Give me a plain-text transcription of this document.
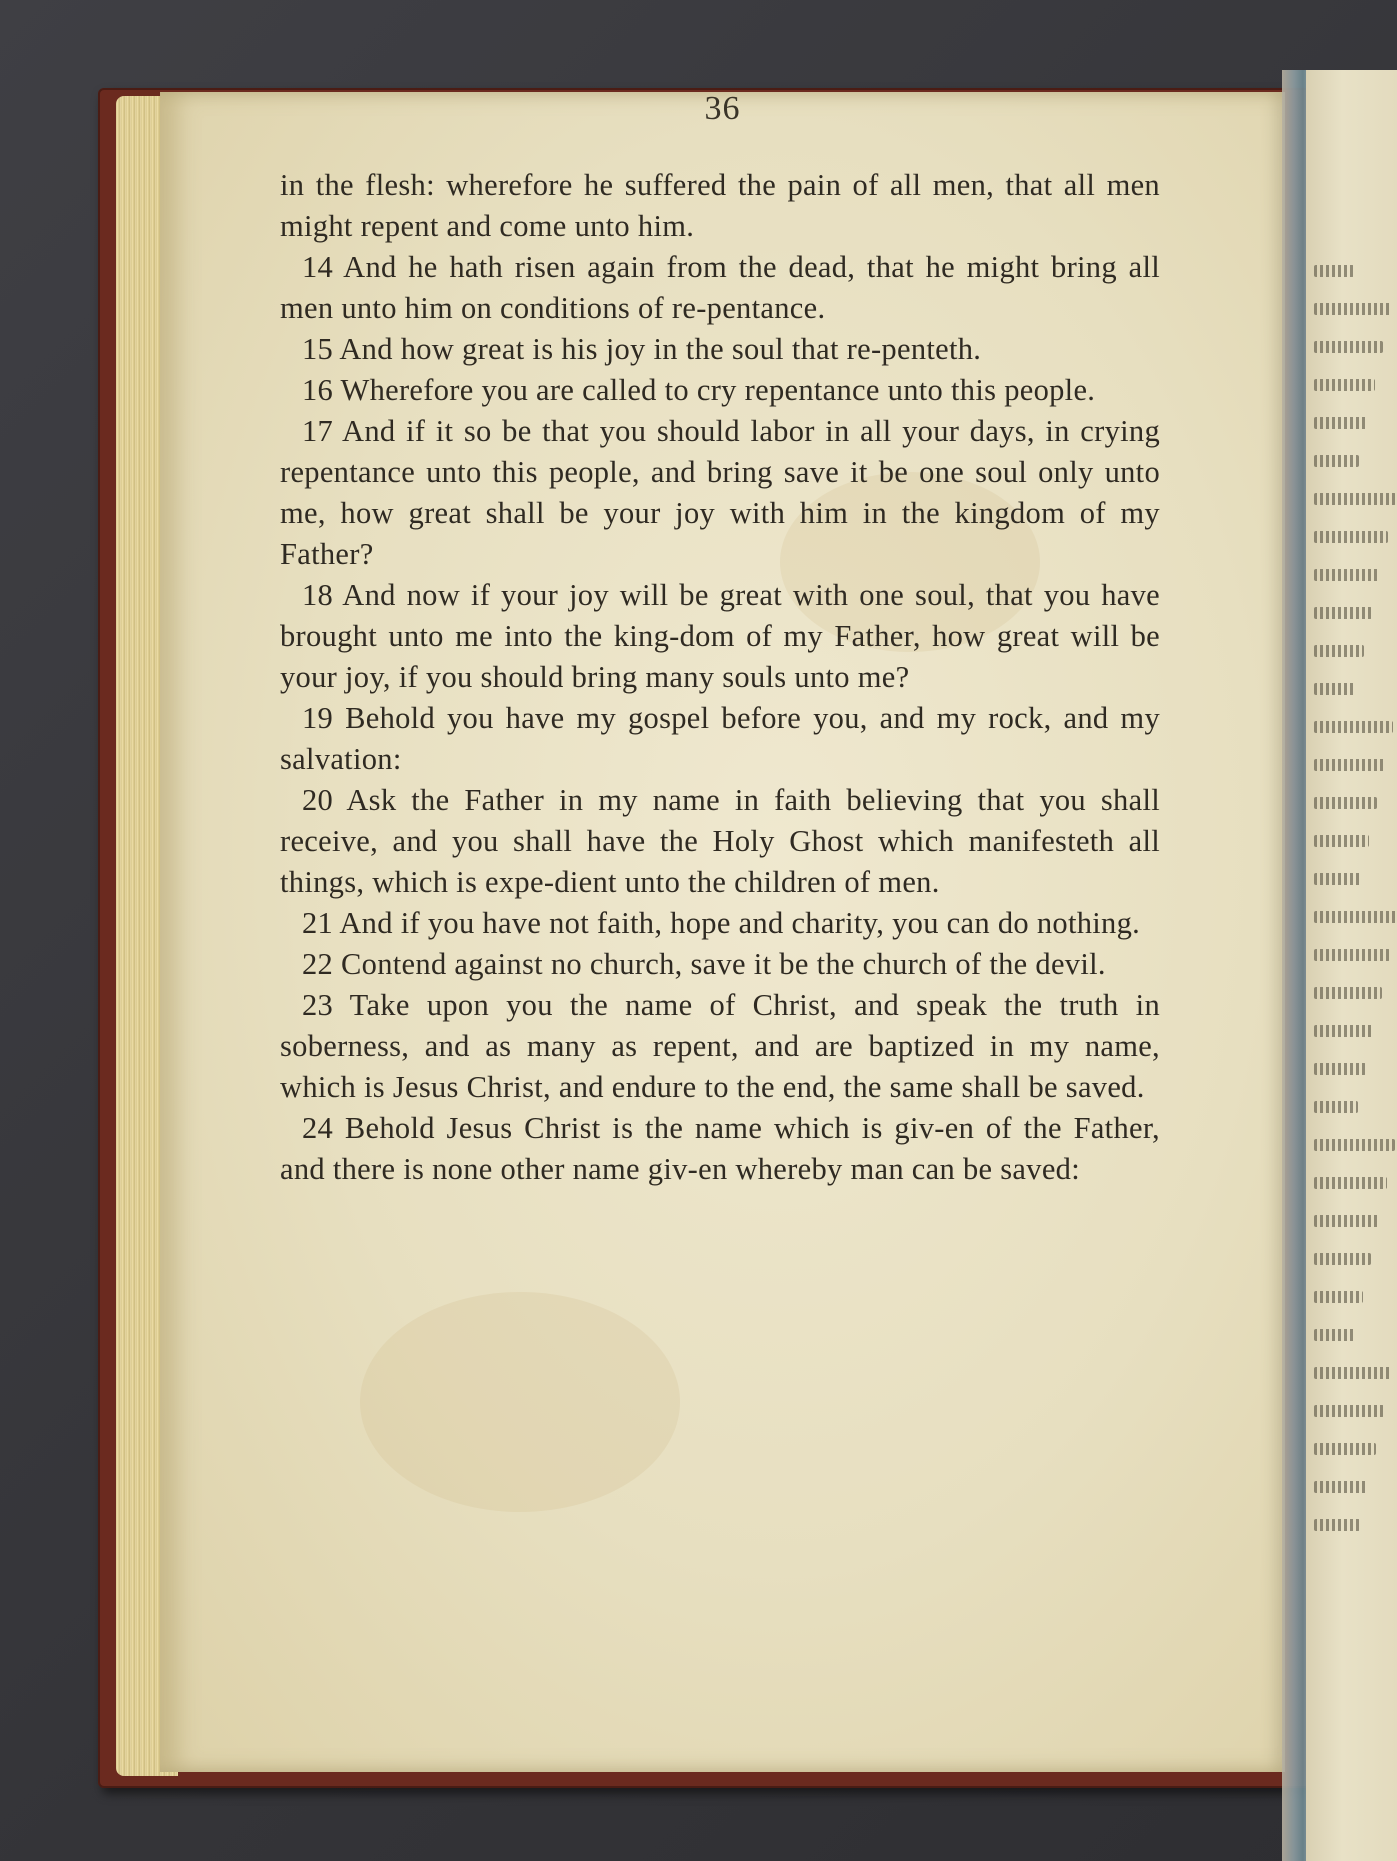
36

in the flesh: wherefore he suffered the pain of all men, that all men might repent and come unto him.

14 And he hath risen again from the dead, that he might bring all men unto him on conditions of re-pentance.

15 And how great is his joy in the soul that re-penteth.

16 Wherefore you are called to cry repentance unto this people.

17 And if it so be that you should labor in all your days, in crying repentance unto this people, and bring save it be one soul only unto me, how great shall be your joy with him in the kingdom of my Father?

18 And now if your joy will be great with one soul, that you have brought unto me into the king-dom of my Father, how great will be your joy, if you should bring many souls unto me?

19 Behold you have my gospel before you, and my rock, and my salvation:

20 Ask the Father in my name in faith believing that you shall receive, and you shall have the Holy Ghost which manifesteth all things, which is expe-dient unto the children of men.

21 And if you have not faith, hope and charity, you can do nothing.

22 Contend against no church, save it be the church of the devil.

23 Take upon you the name of Christ, and speak the truth in soberness, and as many as repent, and are baptized in my name, which is Jesus Christ, and endure to the end, the same shall be saved.

24 Behold Jesus Christ is the name which is giv-en of the Father, and there is none other name giv-en whereby man can be saved:
